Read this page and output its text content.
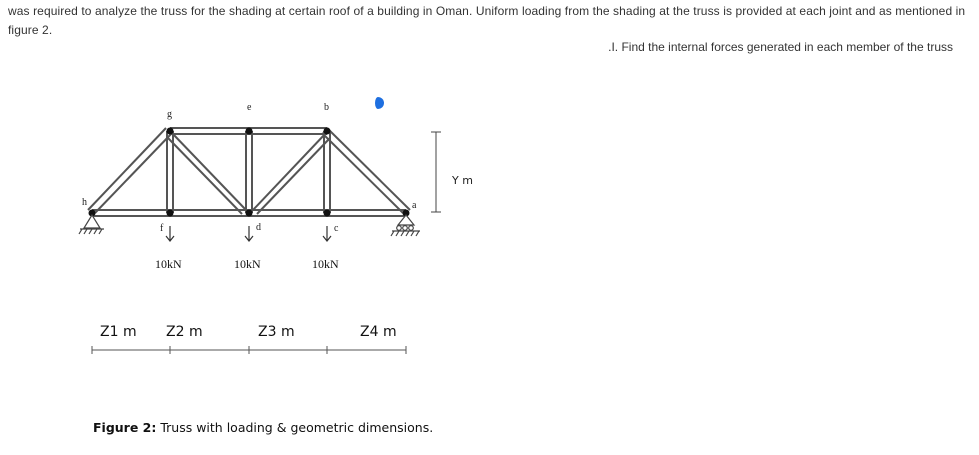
was required to analyze the truss for the shading at certain roof of a building in Oman. Uniform loading from the shading at the truss is provided at each joint and as mentioned in figure 2.
.I. Find the internal forces generated in each member of the truss
g
e	b
h
f	d	c
a
10kN	10kN	10kN
Y m
Z1 m Z2 m	Z3 m	Z4 m
Figure 2: Truss with loading & geometric dimensions.
